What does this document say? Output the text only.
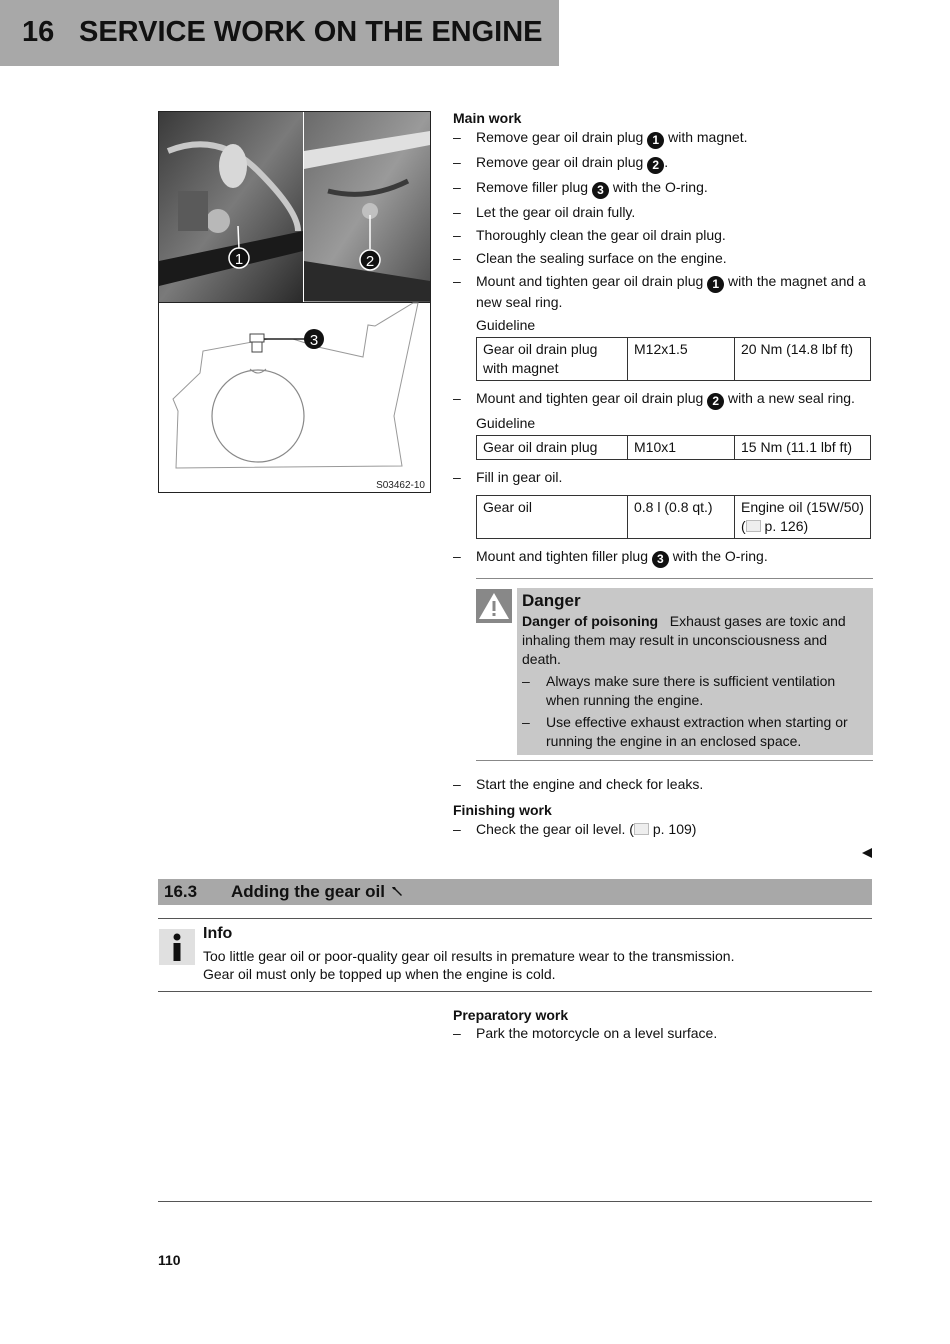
16 SERVICE WORK ON THE ENGINE
1	2
3
S03462-10
Main work
– Remove gear oil drain plug 1 with magnet.
– Remove gear oil drain plug 2 .
– Remove filler plug 3 with the O-ring.
– Let the gear oil drain fully.
– Thoroughly clean the gear oil drain plug.
– Clean the sealing surface on the engine.
– Mount and tighten gear oil drain plug 1 with the magnet and a new seal ring.
Guideline
Gear oil drain plug with magnet	M12x1.5	20 Nm (14.8 lbf ft)
– Mount and tighten gear oil drain plug 2 with a new seal ring.
Guideline
Gear oil drain plug	M10x1	15 Nm (11.1 lbf ft)
– Fill in gear oil.
Gear oil	0.8 l (0.8 qt.)	Engine oil (15W/50)
( p. 126)
– Mount and tighten filler plug 3 with the O-ring.
Danger
Danger of poisoning Exhaust gases are toxic and inhaling them may result in unconsciousness and death.
– Always make sure there is sufficient ventilation when running the engine.
– Use effective exhaust extraction when starting or running the engine in an enclosed space.
– Start the engine and check for leaks.
Finishing work
– Check the gear oil level. ( p. 109)
16.3 Adding the gear oil
Info
Too little gear oil or poor-quality gear oil results in premature wear to the transmission.
Gear oil must only be topped up when the engine is cold.
Preparatory work
– Park the motorcycle on a level surface.
110
